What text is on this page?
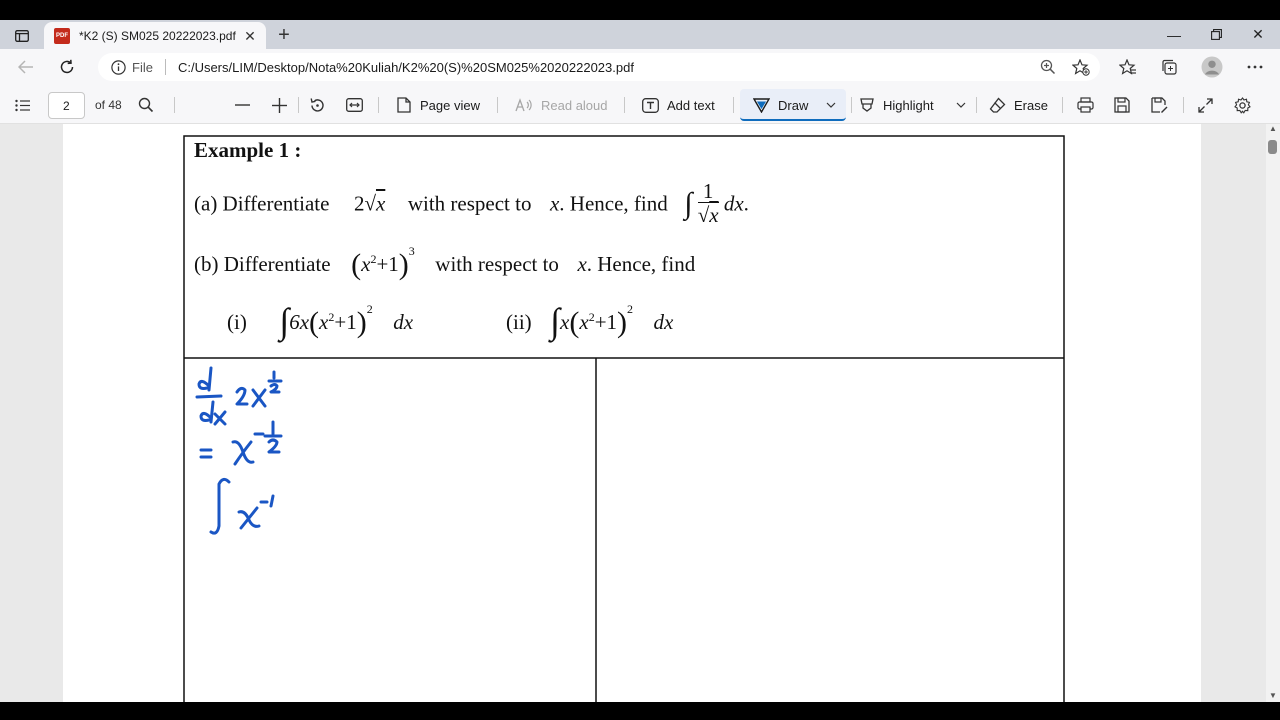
PDF *K2 (S) SM025 20222023.pdf ✕	+	—	✕
File C:/Users/LIM/Desktop/Nota%20Kuliah/K2%20(S)%20SM025%2020222023.pdf
2	of 48	Page view	Read aloud	Add text	Draw	Highlight	Erase
Example 1 :
(a) Differentiate 2√x with respect to x. Hence, find ∫ $\frac{1}{√x}$ dx.
(b) Differentiate $(x^2+1)^3$  with respect to x. Hence, find
(i) $\int 6x(x^2+1)^2$  dx	(ii) $\int x(x^2+1)^2$  dx
▲
▼
